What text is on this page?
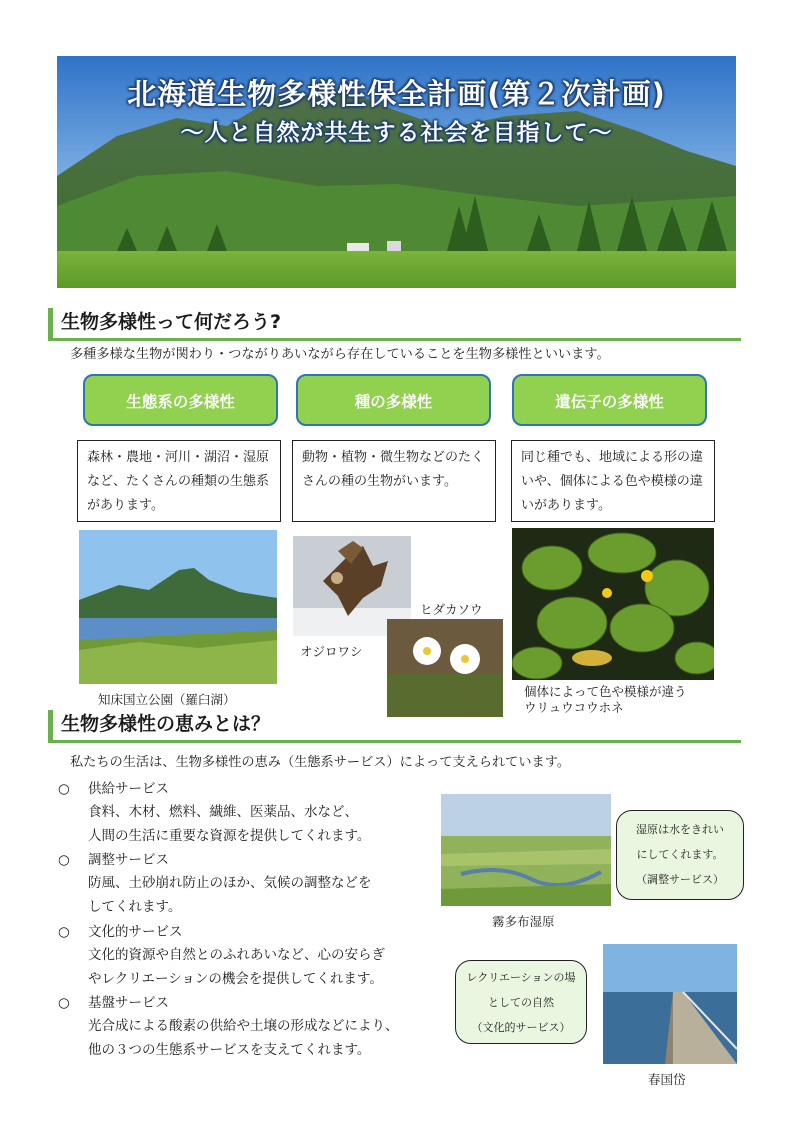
北海道生物多様性保全計画(第２次計画)
〜人と自然が共生する社会を目指して〜
生物多様性って何だろう?
多種多様な生物が関わり・つながりあいながら存在していることを生物多様性といいます。
生態系の多様性	種の多様性	遺伝子の多様性
森林・農地・河川・湖沼・湿原など、たくさんの種類の生態系があります。
動物・植物・微生物などのたくさんの種の生物がいます。
同じ種でも、地域による形の違いや、個体による色や模様の違いがあります。
知床国立公園（羅臼湖）
オジロワシ
ヒダカソウ
個体によって色や模様が違う
ウリュウコウホネ
生物多様性の恵みとは？
私たちの生活は、生物多様性の恵み（生態系サービス）によって支えられています。
○ 供給サービス
食料、木材、燃料、繊維、医薬品、水など、
人間の生活に重要な資源を提供してくれます。
○ 調整サービス
防風、土砂崩れ防止のほか、気候の調整などを
してくれます。
○ 文化的サービス
文化的資源や自然とのふれあいなど、心の安らぎ
やレクリエーションの機会を提供してくれます。
○ 基盤サービス
光合成による酸素の供給や土壌の形成などにより、
他の３つの生態系サービスを支えてくれます。
霧多布湿原
湿原は水をきれい
にしてくれます。
（調整サービス）
レクリエーションの場
としての自然
（文化的サービス）
春国岱
